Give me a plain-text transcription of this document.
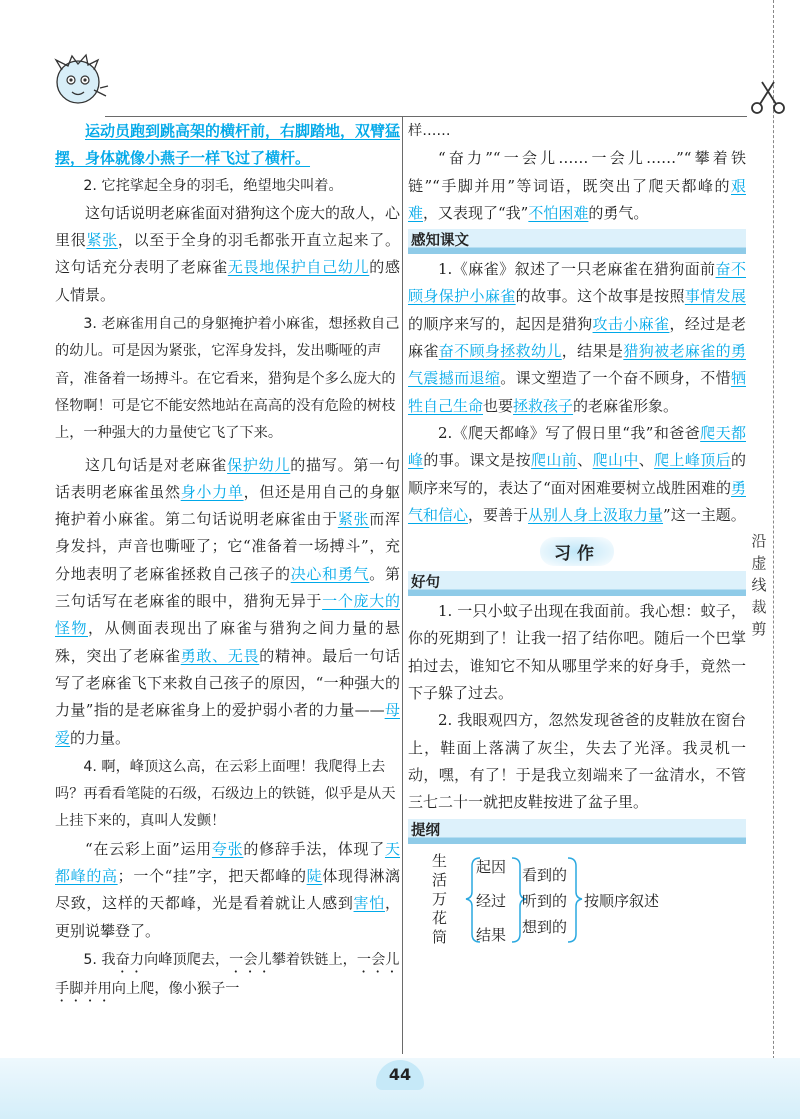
沿虚线裁剪

运动员跑到跳高架的横杆前，右脚踏地，双臂猛摆，身体就像小燕子一样飞过了横杆。

2. 它挓挲起全身的羽毛，绝望地尖叫着。

这句话说明老麻雀面对猎狗这个庞大的敌人，心里很紧张，以至于全身的羽毛都张开直立起来了。这句话充分表明了老麻雀无畏地保护自己幼儿的感人情景。

3. 老麻雀用自己的身躯掩护着小麻雀，想拯救自己的幼儿。可是因为紧张，它浑身发抖，发出嘶哑的声音，准备着一场搏斗。在它看来，猎狗是个多么庞大的怪物啊！可是它不能安然地站在高高的没有危险的树枝上，一种强大的力量使它飞了下来。

这几句话是对老麻雀保护幼儿的描写。第一句话表明老麻雀虽然身小力单，但还是用自己的身躯掩护着小麻雀。第二句话说明老麻雀由于紧张而浑身发抖，声音也嘶哑了；它“准备着一场搏斗”，充分地表明了老麻雀拯救自己孩子的决心和勇气。第三句话写在老麻雀的眼中，猎狗无异于一个庞大的怪物，从侧面表现出了麻雀与猎狗之间力量的悬殊，突出了老麻雀勇敢、无畏的精神。最后一句话写了老麻雀飞下来救自己孩子的原因，“一种强大的力量”指的是老麻雀身上的爱护弱小者的力量——母爱的力量。

4. 啊，峰顶这么高，在云彩上面哩！我爬得上去吗？再看看笔陡的石级，石级边上的铁链，似乎是从天上挂下来的，真叫人发颤！

“在云彩上面”运用夸张的修辞手法，体现了天都峰的高；一个“挂”字，把天都峰的陡体现得淋漓尽致，这样的天都峰，光是看着就让人感到害怕，更别说攀登了。

5. 我奋力向峰顶爬去，一会儿攀着铁链上，一会儿手脚并用向上爬，像小猴子一

样……

“奋力”“一会儿……一会儿……”“攀着铁链”“手脚并用”等词语，既突出了爬天都峰的艰难，又表现了“我”不怕困难的勇气。

感知课文

1.《麻雀》叙述了一只老麻雀在猎狗面前奋不顾身保护小麻雀的故事。这个故事是按照事情发展的顺序来写的，起因是猎狗攻击小麻雀，经过是老麻雀奋不顾身拯救幼儿，结果是猎狗被老麻雀的勇气震撼而退缩。课文塑造了一个奋不顾身，不惜牺牲自己生命也要拯救孩子的老麻雀形象。

2.《爬天都峰》写了假日里“我”和爸爸爬天都峰的事。课文是按爬山前、爬山中、爬上峰顶后的顺序来写的，表达了“面对困难要树立战胜困难的勇气和信心，要善于从别人身上汲取力量”这一主题。

习作
好句

1. 一只小蚊子出现在我面前。我心想：蚊子，你的死期到了！让我一招了结你吧。随后一个巴掌拍过去，谁知它不知从哪里学来的好身手，竟然一下子躲了过去。

2. 我眼观四方，忽然发现爸爸的皮鞋放在窗台上，鞋面上落满了灰尘，失去了光泽。我灵机一动，嘿，有了！于是我立刻端来了一盆清水，不管三七二十一就把皮鞋按进了盆子里。

提纲
生活万花筒
起因
经过
结果
看到的
听到的
想到的
按顺序叙述
44
